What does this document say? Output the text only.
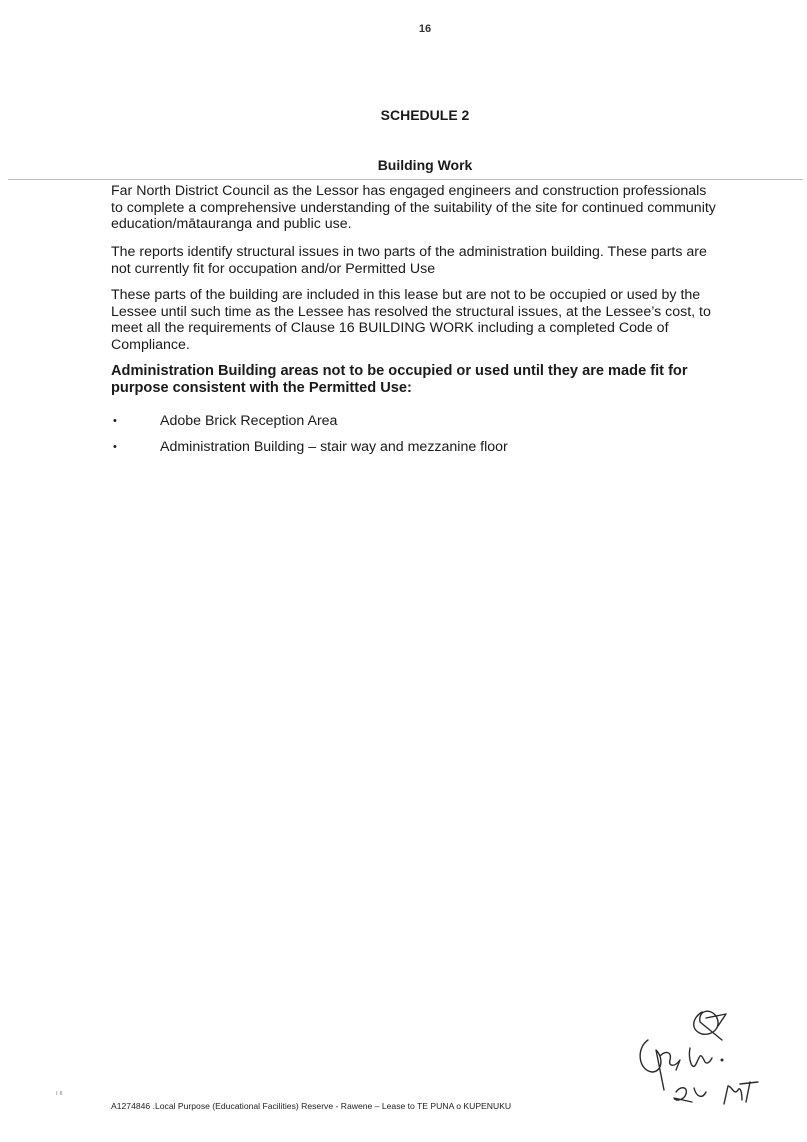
16
SCHEDULE 2
Building Work
Far North District Council as the Lessor has engaged engineers and construction professionals to complete a comprehensive understanding of the suitability of the site for continued community education/mātauranga and public use.
The reports identify structural issues in two parts of the administration building. These parts are not currently fit for occupation and/or Permitted Use
These parts of the building are included in this lease but are not to be occupied or used by the Lessee until such time as the Lessee has resolved the structural issues, at the Lessee’s cost, to meet all the requirements of Clause 16 BUILDING WORK including a completed Code of Compliance.
Administration Building areas not to be occupied or used until they are made fit for purpose consistent with the Permitted Use:
•	Adobe Brick Reception Area
•	Administration Building – stair way and mezzanine floor
ι ιι
A1274846 .Local Purpose (Educational Facilities) Reserve - Rawene – Lease to TE PUNA o KUPENUKU
